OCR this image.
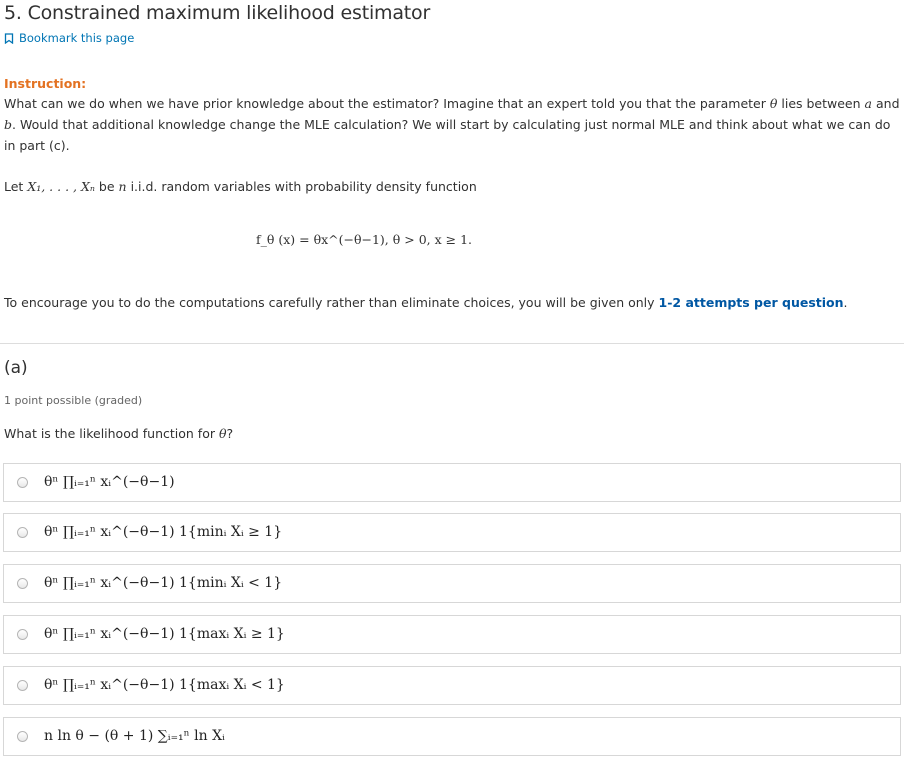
5. Constrained maximum likelihood estimator
Bookmark this page
Instruction:
What can we do when we have prior knowledge about the estimator? Imagine that an expert told you that the parameter θ lies between a and b. Would that additional knowledge change the MLE calculation? We will start by calculating just normal MLE and think about what we can do in part (c).
Let X₁, . . . , Xₙ be n i.i.d. random variables with probability density function
f_θ (x) = θx^(−θ−1), θ > 0, x ≥ 1.
To encourage you to do the computations carefully rather than eliminate choices, you will be given only 1-2 attempts per question.
(a)
1 point possible (graded)
What is the likelihood function for θ?
θⁿ ∏ᵢ₌₁ⁿ xᵢ^(−θ−1)
θⁿ ∏ᵢ₌₁ⁿ xᵢ^(−θ−1) 1{minᵢ Xᵢ ≥ 1}
θⁿ ∏ᵢ₌₁ⁿ xᵢ^(−θ−1) 1{minᵢ Xᵢ < 1}
θⁿ ∏ᵢ₌₁ⁿ xᵢ^(−θ−1) 1{maxᵢ Xᵢ ≥ 1}
θⁿ ∏ᵢ₌₁ⁿ xᵢ^(−θ−1) 1{maxᵢ Xᵢ < 1}
n ln θ − (θ + 1) ∑ᵢ₌₁ⁿ ln Xᵢ
